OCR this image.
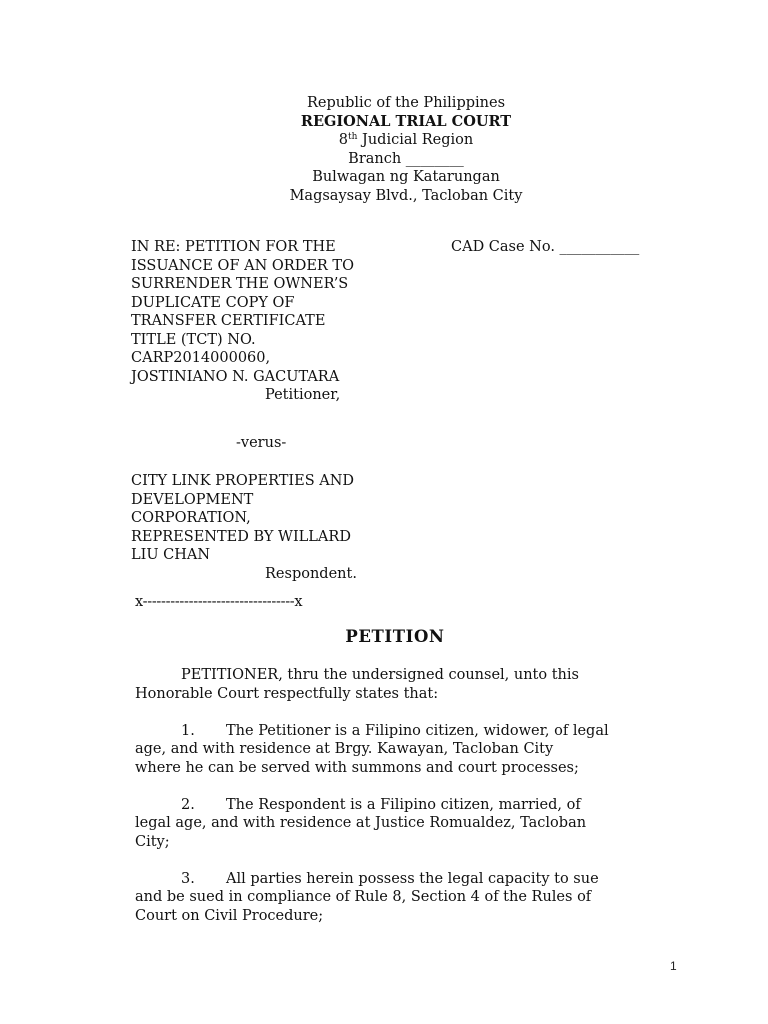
Republic of the Philippines
REGIONAL TRIAL COURT
8th Judicial Region
Branch ________
Bulwagan ng Katarungan
Magsaysay Blvd., Tacloban City
IN RE: PETITION FOR THE
ISSUANCE OF AN ORDER TO
SURRENDER THE OWNER’S
DUPLICATE COPY OF
TRANSFER CERTIFICATE
TITLE (TCT) NO.
CARP2014000060,
JOSTINIANO N. GACUTARA
Petitioner,
CAD Case No. ___________
-verus-
CITY LINK PROPERTIES AND
DEVELOPMENT
CORPORATION,
REPRESENTED BY WILLARD
LIU CHAN
Respondent.
x---------------------------------x
PETITION
PETITIONER, thru the undersigned counsel, unto this
Honorable Court respectfully states that:
1. The Petitioner is a Filipino citizen, widower, of legal
age, and with residence at Brgy. Kawayan, Tacloban City
where he can be served with summons and court processes;
2. The Respondent is a Filipino citizen, married, of
legal age, and with residence at Justice Romualdez, Tacloban
City;
3. All parties herein possess the legal capacity to sue
and be sued in compliance of Rule 8, Section 4 of the Rules of
Court on Civil Procedure;
1
